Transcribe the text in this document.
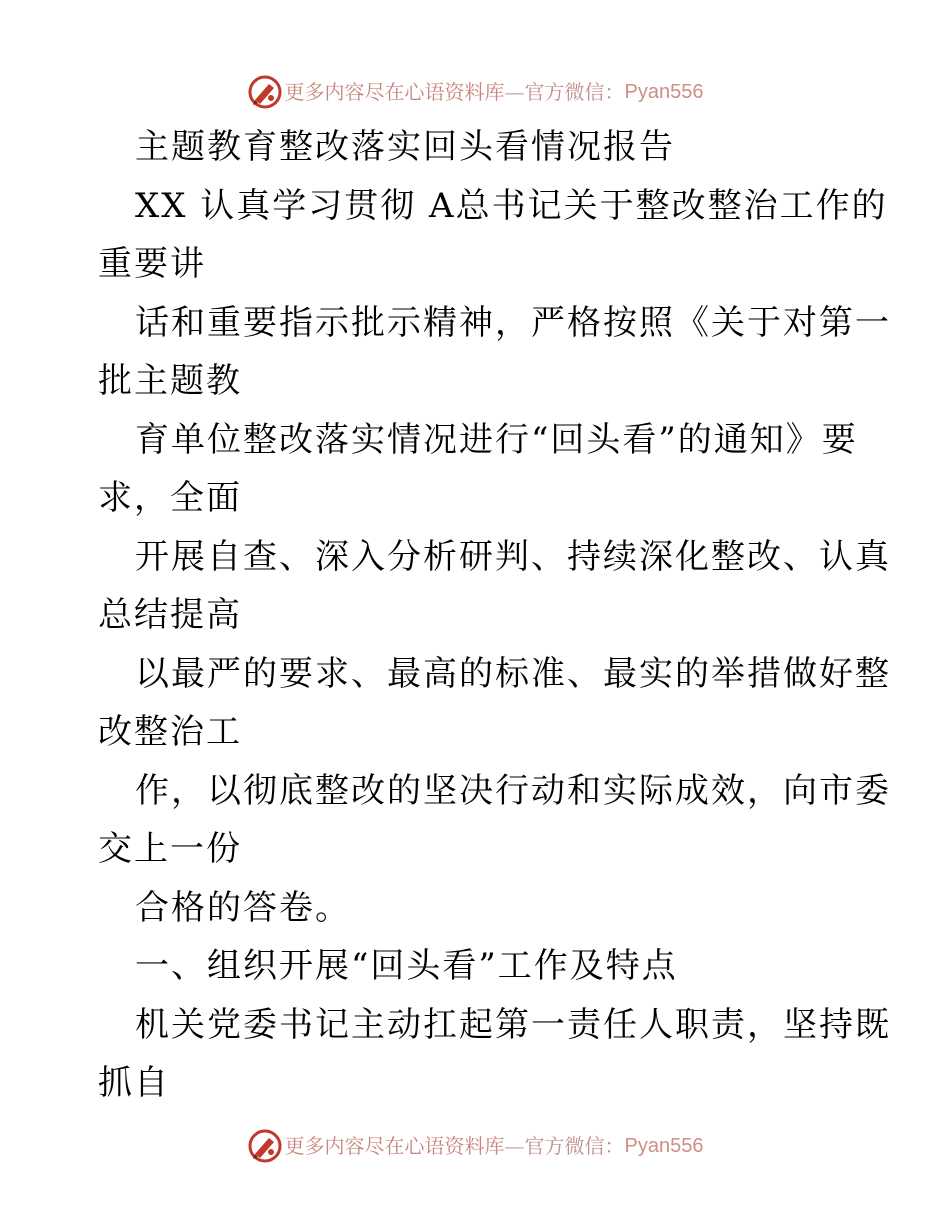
更多内容尽在心语资料库 — 官方微信： Pyan556
主题教育整改落实回头看情况报告
XX 认真学习贯彻 A总书记关于整改整治工作的
重要讲
话和重要指示批示精神，严格按照《关于对第一
批主题教
育单位整改落实情况进行“回头看”的通知》要
求，全面
开展自查、深入分析研判、持续深化整改、认真
总结提高
以最严的要求、最高的标准、最实的举措做好整
改整治工
作，以彻底整改的坚决行动和实际成效，向市委
交上一份
合格的答卷。
一、组织开展“回头看”工作及特点
机关党委书记主动扛起第一责任人职责，坚持既
抓自
更多内容尽在心语资料库 — 官方微信： Pyan556
